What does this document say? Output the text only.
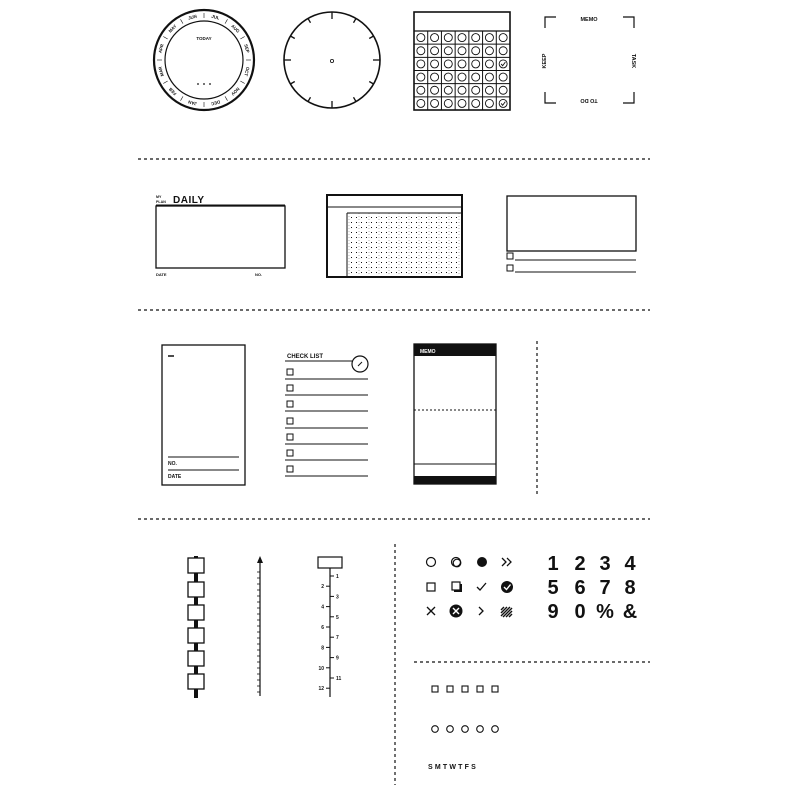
TODAY
JAN
FEB
MAR
APR
MAY
JUN	JUL
AUG
SEP
OCT
NOV
DEC
MEMO
TO DO
KEEP	TASK
MY
PLAN DAILY
DATE	NO.
NO.
DATE
CHECK LIST
MEMO
1
2
3
4
5
6
7
8
9
10
11
12
1 2 3 4
5 6 7 8
9 0 % &
SMTWTFS
